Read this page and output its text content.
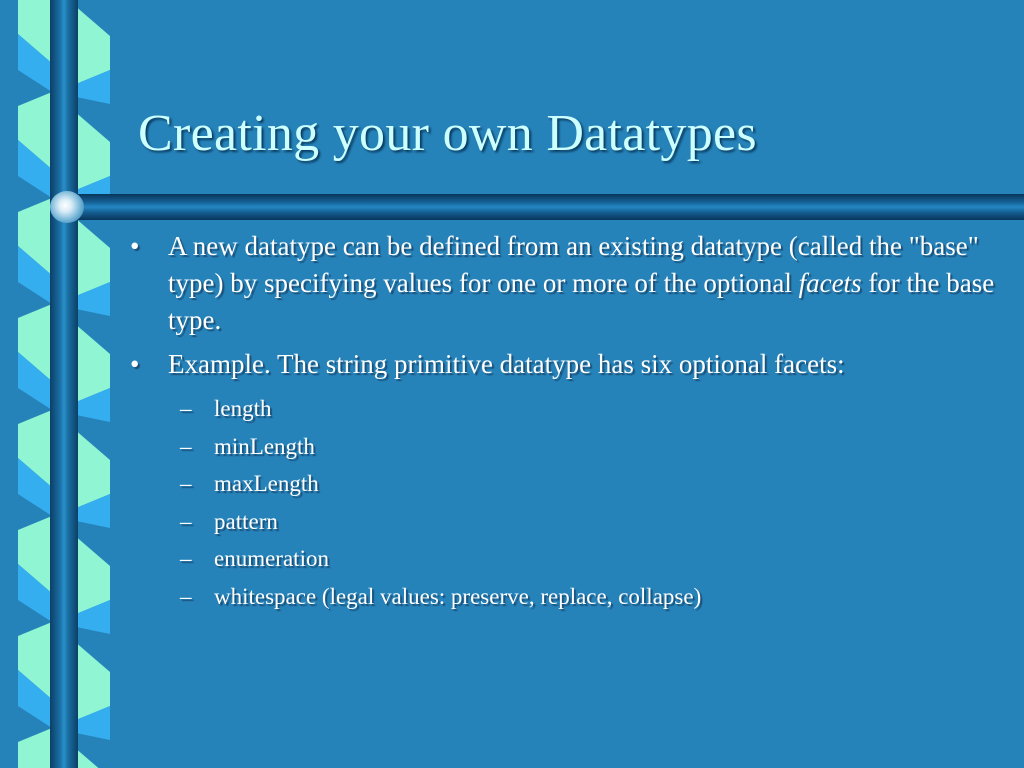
Creating your own Datatypes
• A new datatype can be defined from an existing datatype (called the "base" type) by specifying values for one or more of the optional facets for the base type.
• Example. The string primitive datatype has six optional facets:
– length
– minLength
– maxLength
– pattern
– enumeration
– whitespace (legal values: preserve, replace, collapse)
